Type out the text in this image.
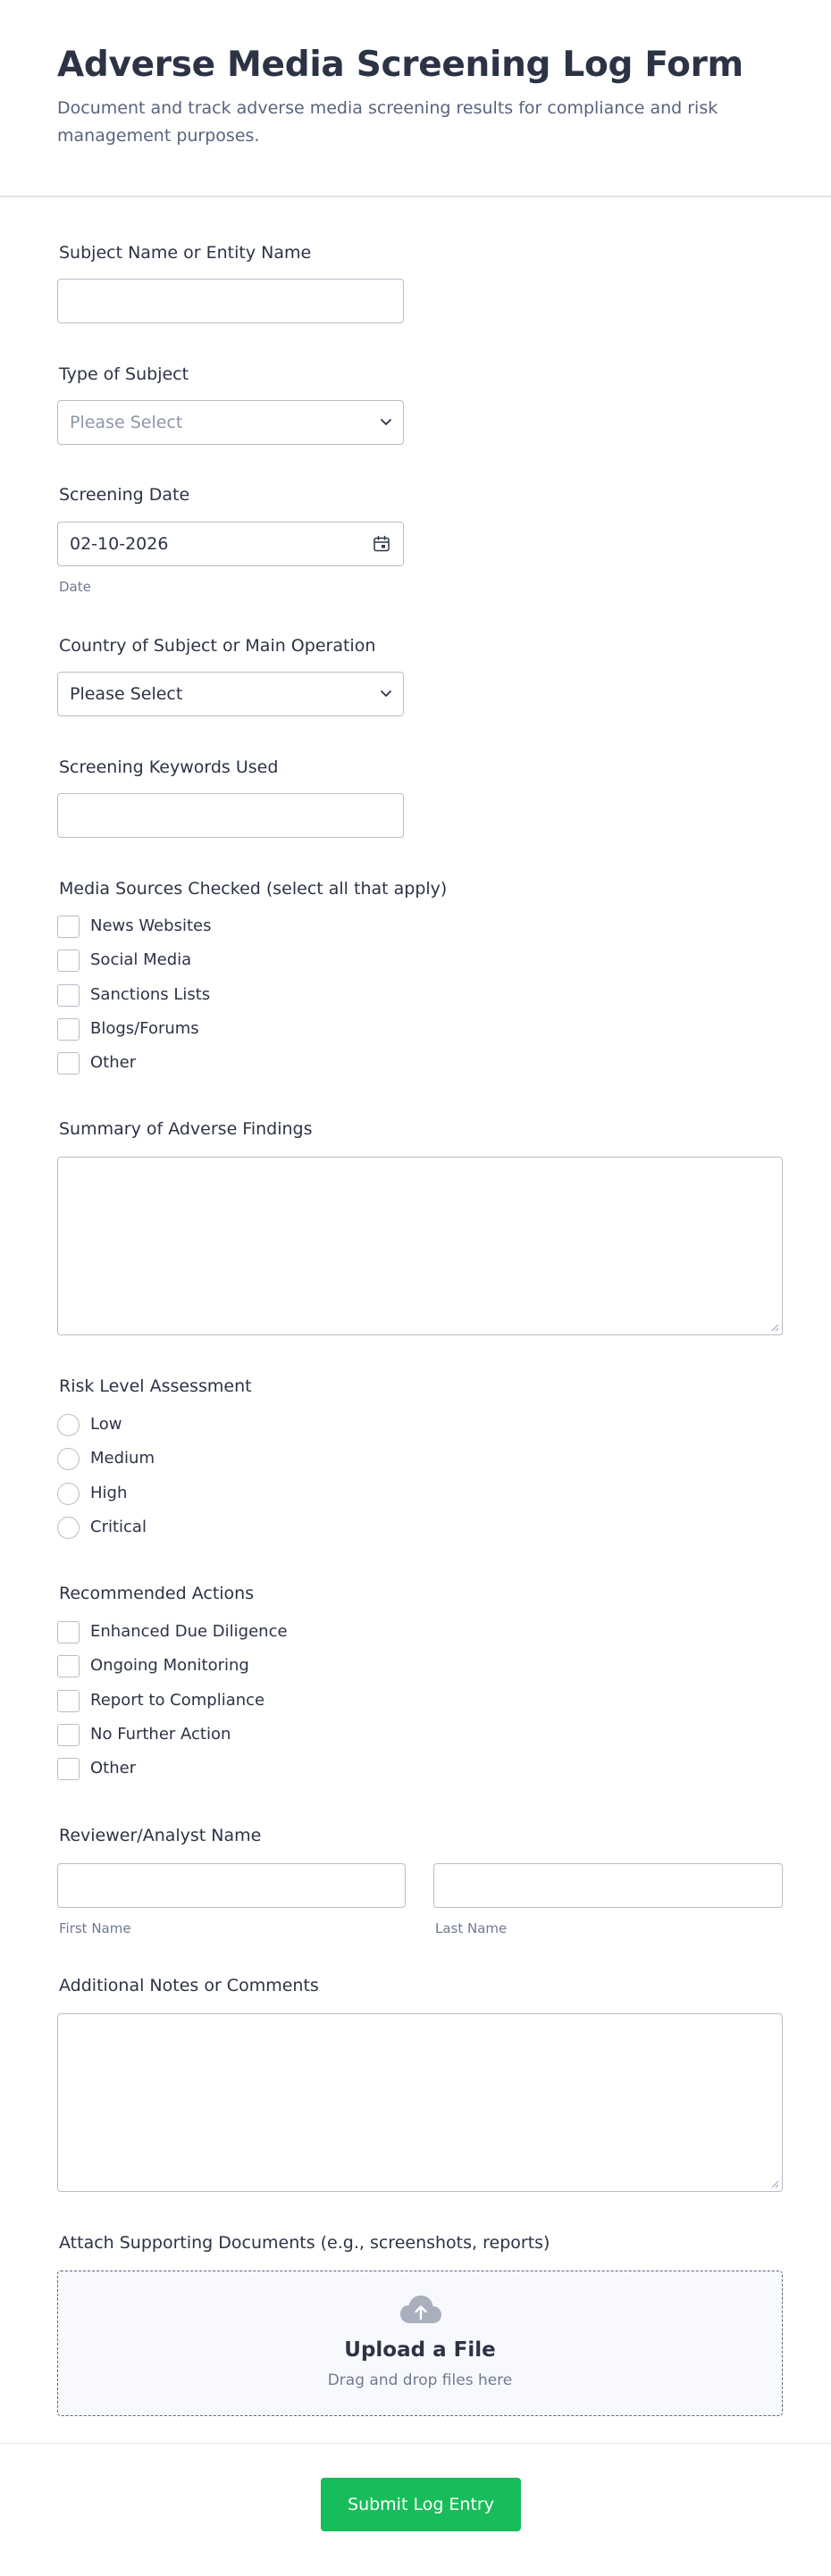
Adverse Media Screening Log Form
Document and track adverse media screening results for compliance and risk management purposes.
Subject Name or Entity Name
Type of Subject
Please Select
Screening Date
02-10-2026
Date
Country of Subject or Main Operation
Please Select
Screening Keywords Used
Media Sources Checked (select all that apply)
News Websites
Social Media
Sanctions Lists
Blogs/Forums
Other
Summary of Adverse Findings
Risk Level Assessment
Low
Medium
High
Critical
Recommended Actions
Enhanced Due Diligence
Ongoing Monitoring
Report to Compliance
No Further Action
Other
Reviewer/Analyst Name
First Name	Last Name
Additional Notes or Comments
Attach Supporting Documents (e.g., screenshots, reports)
Upload a File
Drag and drop files here
Submit Log Entry
